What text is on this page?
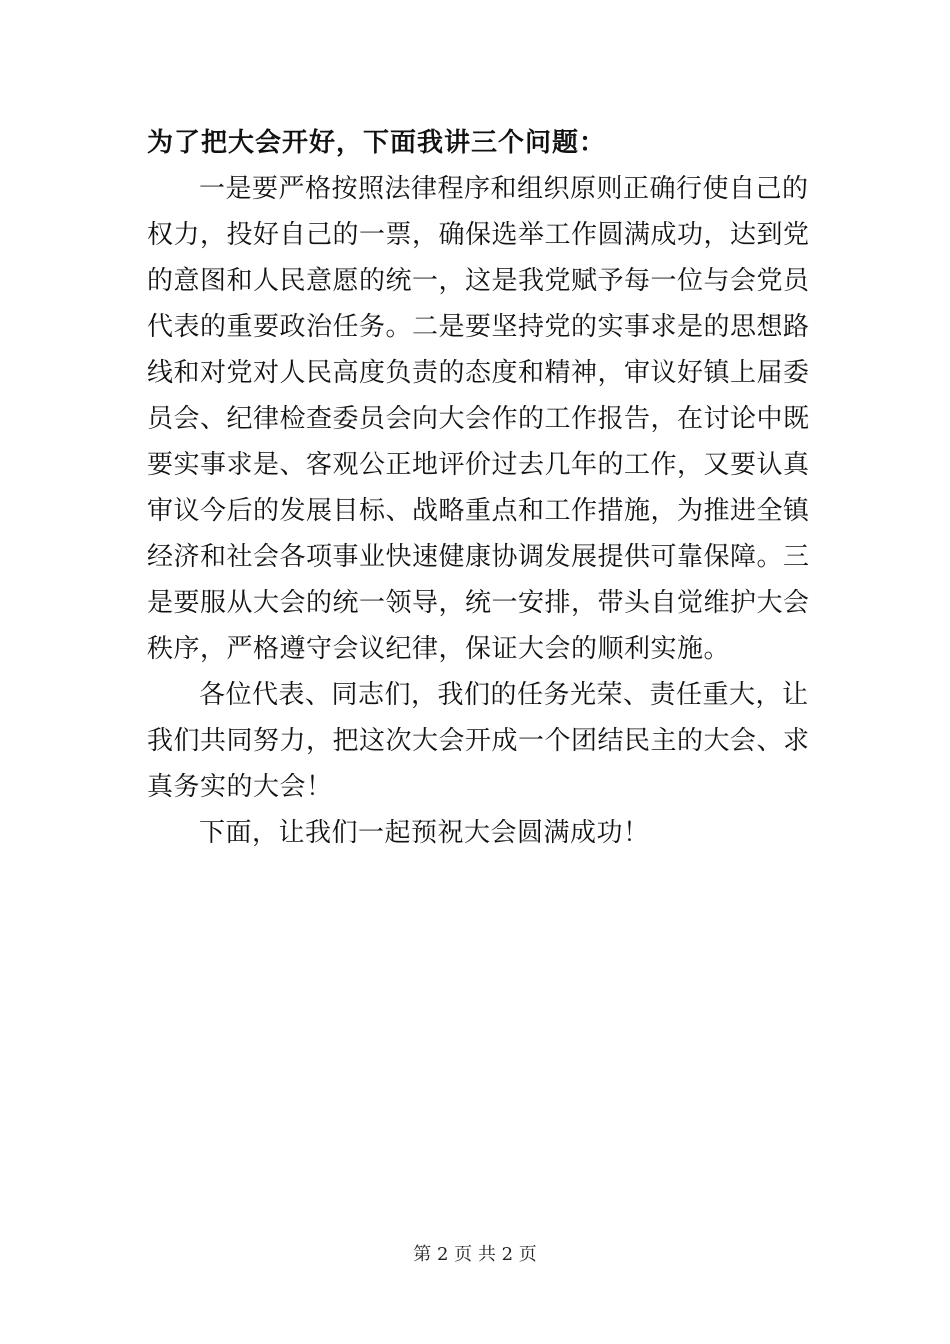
为了把大会开好，下面我讲三个问题：
一是要严格按照法律程序和组织原则正确行使自己的
权力，投好自己的一票，确保选举工作圆满成功，达到党
的意图和人民意愿的统一，这是我党赋予每一位与会党员
代表的重要政治任务。二是要坚持党的实事求是的思想路
线和对党对人民高度负责的态度和精神，审议好镇上届委
员会、纪律检查委员会向大会作的工作报告，在讨论中既
要实事求是、客观公正地评价过去几年的工作，又要认真
审议今后的发展目标、战略重点和工作措施，为推进全镇
经济和社会各项事业快速健康协调发展提供可靠保障。三
是要服从大会的统一领导，统一安排，带头自觉维护大会
秩序，严格遵守会议纪律，保证大会的顺利实施。
各位代表、同志们，我们的任务光荣、责任重大，让
我们共同努力，把这次大会开成一个团结民主的大会、求
真务实的大会！
下面，让我们一起预祝大会圆满成功！
第 2 页 共 2 页
